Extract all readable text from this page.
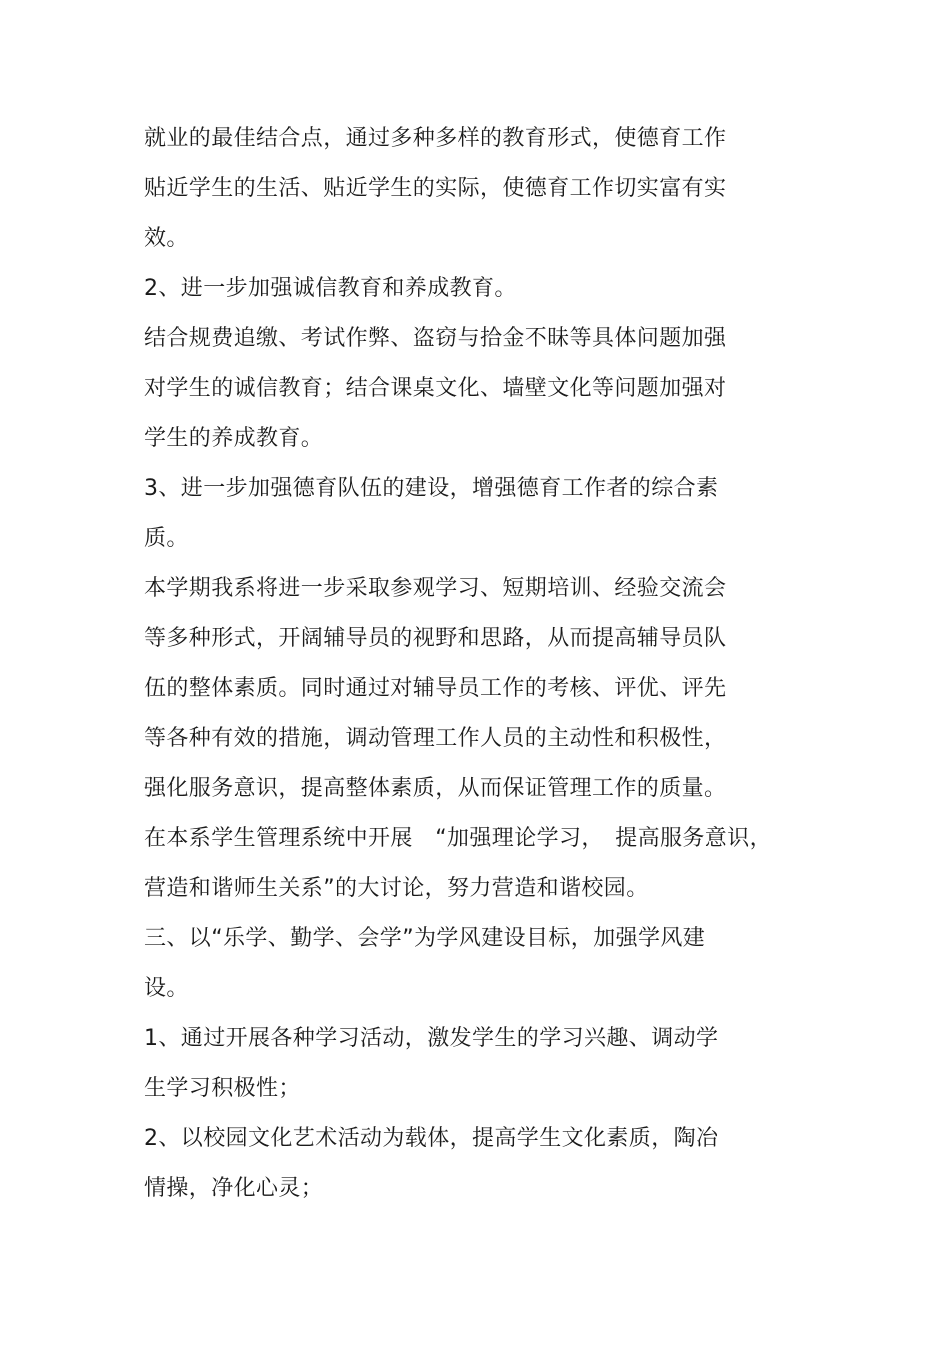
就业的最佳结合点，通过多种多样的教育形式，使德育工作
贴近学生的生活、贴近学生的实际，使德育工作切实富有实
效。
2、进一步加强诚信教育和养成教育。
结合规费追缴、考试作弊、盗窃与拾金不昧等具体问题加强
对学生的诚信教育；结合课桌文化、墙壁文化等问题加强对
学生的养成教育。
3、进一步加强德育队伍的建设，增强德育工作者的综合素
质。
本学期我系将进一步采取参观学习、短期培训、经验交流会
等多种形式，开阔辅导员的视野和思路，从而提高辅导员队
伍的整体素质。同时通过对辅导员工作的考核、评优、评先
等各种有效的措施，调动管理工作人员的主动性和积极性，
强化服务意识，提高整体素质，从而保证管理工作的质量。
在本系学生管理系统中开展　“加强理论学习，　提高服务意识，
营造和谐师生关系”的大讨论，努力营造和谐校园。
三、以“乐学、勤学、会学”为学风建设目标，加强学风建
设。
1、通过开展各种学习活动，激发学生的学习兴趣、调动学
生学习积极性；
2、以校园文化艺术活动为载体，提高学生文化素质，陶冶
情操，净化心灵；
